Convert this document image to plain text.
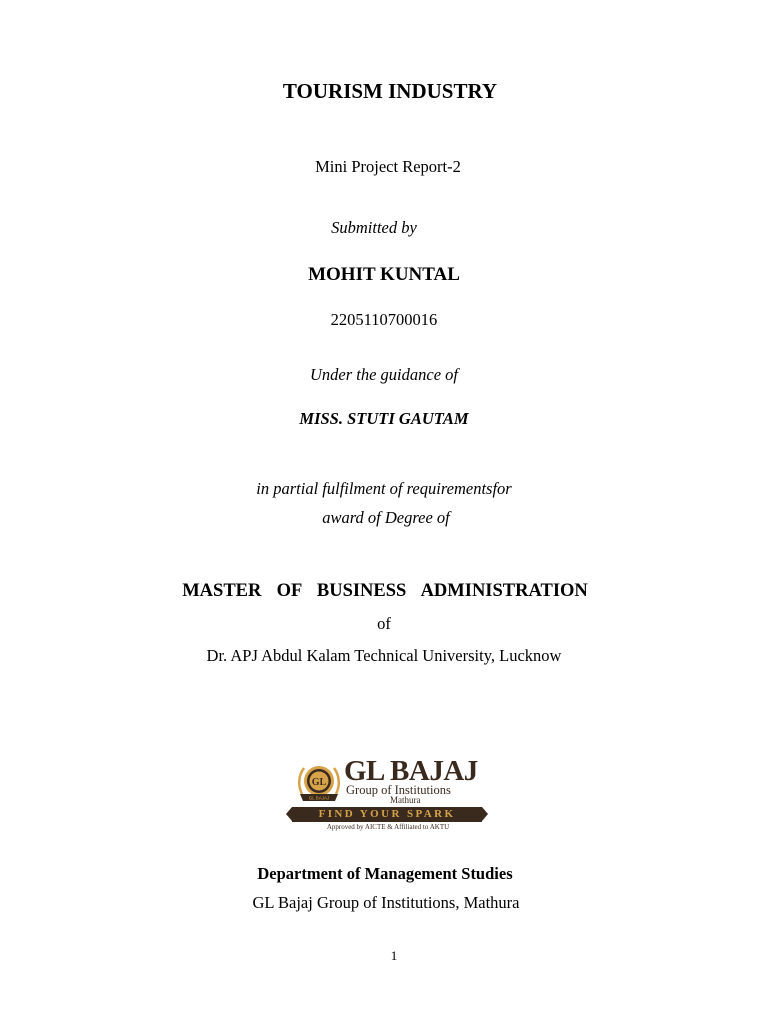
TOURISM INDUSTRY
Mini Project Report-2
Submitted by
MOHIT KUNTAL
2205110700016
Under the guidance of
MISS. STUTI GAUTAM
in partial fulfilment of requirementsfor
award of Degree of
MASTER  OF  BUSINESS  ADMINISTRATION
of
Dr. APJ Abdul Kalam Technical University, Lucknow
GL
GL BAJAJ
GL BAJAJ
Group of Institutions
Mathura
FIND YOUR SPARK
Approved by AICTE & Affiliated to AKTU
Department of Management Studies
GL Bajaj Group of Institutions, Mathura
1
